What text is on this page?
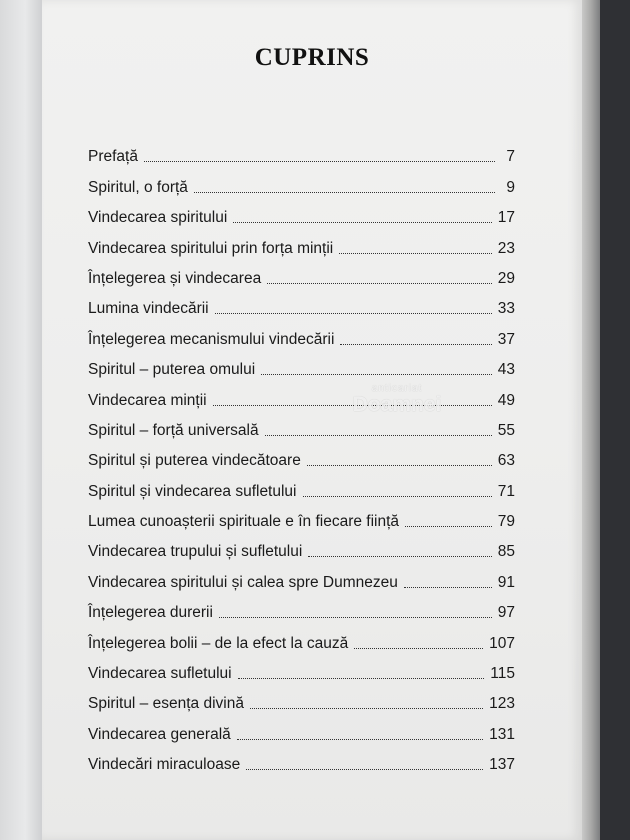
CUPRINS
Prefață	7
Spiritul, o forță	9
Vindecarea spiritului	17
Vindecarea spiritului prin forța minții	23
Înțelegerea și vindecarea	29
Lumina vindecării	33
Înțelegerea mecanismului vindecării	37
Spiritul – puterea omului	43
Vindecarea minții	49
Spiritul – forță universală	55
Spiritul și puterea vindecătoare	63
Spiritul și vindecarea sufletului	71
Lumea cunoașterii spirituale e în fiecare ființă	79
Vindecarea trupului și sufletului	85
Vindecarea spiritului și calea spre Dumnezeu	91
Înțelegerea durerii	97
Înțelegerea bolii – de la efect la cauză	107
Vindecarea sufletului	115
Spiritul – esența divină	123
Vindecarea generală	131
Vindecări miraculoase	137
anticariat
Doamnei
